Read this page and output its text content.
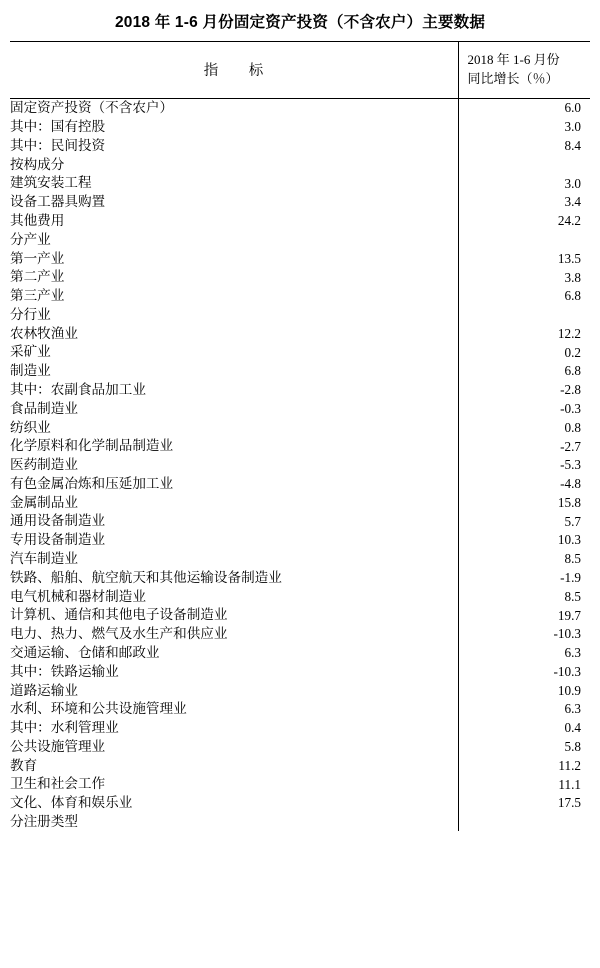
2018 年 1-6 月份固定资产投资（不含农户）主要数据
指　　标	2018 年 1-6 月份
同比增长（％）

固定资产投资（不含农户）	6.0
其中：国有控股	3.0
其中：民间投资	8.4
按构成分	
建筑安装工程	3.0
设备工器具购置	3.4
其他费用	24.2
分产业	
第一产业	13.5
第二产业	3.8
第三产业	6.8
分行业	
农林牧渔业	12.2
采矿业	0.2
制造业	6.8
其中：农副食品加工业	-2.8
食品制造业	-0.3
纺织业	0.8
化学原料和化学制品制造业	-2.7
医药制造业	-5.3
有色金属冶炼和压延加工业	-4.8
金属制品业	15.8
通用设备制造业	5.7
专用设备制造业	10.3
汽车制造业	8.5
铁路、船舶、航空航天和其他运输设备制造业	-1.9
电气机械和器材制造业	8.5
计算机、通信和其他电子设备制造业	19.7
电力、热力、燃气及水生产和供应业	-10.3
交通运输、仓储和邮政业	6.3
其中：铁路运输业	-10.3
道路运输业	10.9
水利、环境和公共设施管理业	6.3
其中：水利管理业	0.4
公共设施管理业	5.8
教育	11.2
卫生和社会工作	11.1
文化、体育和娱乐业	17.5
分注册类型	
